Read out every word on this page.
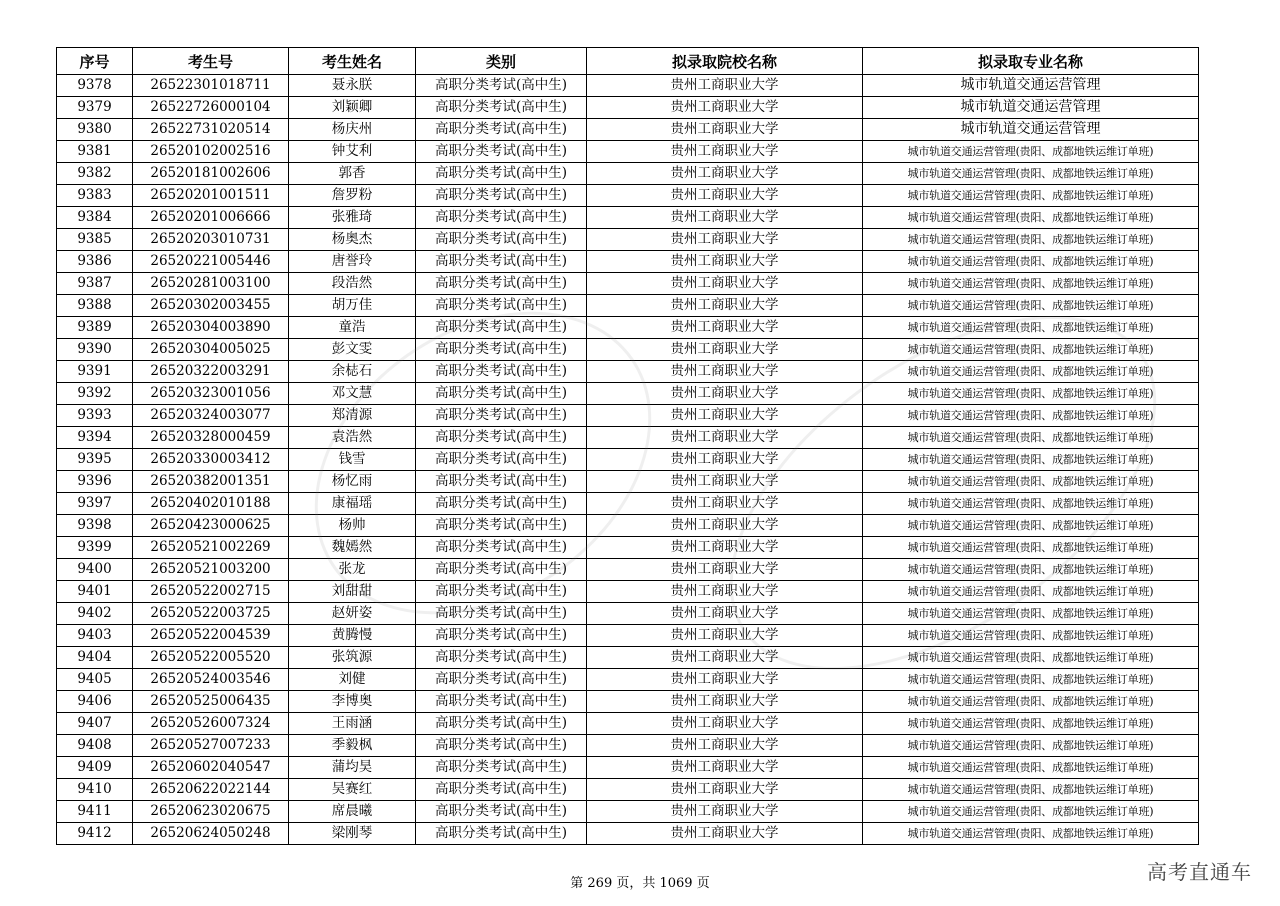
序号	考生号	考生姓名	类别	拟录取院校名称	拟录取专业名称
9378	26522301018711	聂永朕	高职分类考试(高中生)	贵州工商职业大学	城市轨道交通运营管理
9379	26522726000104	刘颖卿	高职分类考试(高中生)	贵州工商职业大学	城市轨道交通运营管理
9380	26522731020514	杨庆州	高职分类考试(高中生)	贵州工商职业大学	城市轨道交通运营管理
9381	26520102002516	钟艾利	高职分类考试(高中生)	贵州工商职业大学	城市轨道交通运营管理(贵阳、成都地铁运维订单班)
9382	26520181002606	郭香	高职分类考试(高中生)	贵州工商职业大学	城市轨道交通运营管理(贵阳、成都地铁运维订单班)
9383	26520201001511	詹罗粉	高职分类考试(高中生)	贵州工商职业大学	城市轨道交通运营管理(贵阳、成都地铁运维订单班)
9384	26520201006666	张雅琦	高职分类考试(高中生)	贵州工商职业大学	城市轨道交通运营管理(贵阳、成都地铁运维订单班)
9385	26520203010731	杨奥杰	高职分类考试(高中生)	贵州工商职业大学	城市轨道交通运营管理(贵阳、成都地铁运维订单班)
9386	26520221005446	唐誉玲	高职分类考试(高中生)	贵州工商职业大学	城市轨道交通运营管理(贵阳、成都地铁运维订单班)
9387	26520281003100	段浩然	高职分类考试(高中生)	贵州工商职业大学	城市轨道交通运营管理(贵阳、成都地铁运维订单班)
9388	26520302003455	胡万佳	高职分类考试(高中生)	贵州工商职业大学	城市轨道交通运营管理(贵阳、成都地铁运维订单班)
9389	26520304003890	童浩	高职分类考试(高中生)	贵州工商职业大学	城市轨道交通运营管理(贵阳、成都地铁运维订单班)
9390	26520304005025	彭文雯	高职分类考试(高中生)	贵州工商职业大学	城市轨道交通运营管理(贵阳、成都地铁运维订单班)
9391	26520322003291	余梽石	高职分类考试(高中生)	贵州工商职业大学	城市轨道交通运营管理(贵阳、成都地铁运维订单班)
9392	26520323001056	邓文慧	高职分类考试(高中生)	贵州工商职业大学	城市轨道交通运营管理(贵阳、成都地铁运维订单班)
9393	26520324003077	郑清源	高职分类考试(高中生)	贵州工商职业大学	城市轨道交通运营管理(贵阳、成都地铁运维订单班)
9394	26520328000459	袁浩然	高职分类考试(高中生)	贵州工商职业大学	城市轨道交通运营管理(贵阳、成都地铁运维订单班)
9395	26520330003412	钱雪	高职分类考试(高中生)	贵州工商职业大学	城市轨道交通运营管理(贵阳、成都地铁运维订单班)
9396	26520382001351	杨忆雨	高职分类考试(高中生)	贵州工商职业大学	城市轨道交通运营管理(贵阳、成都地铁运维订单班)
9397	26520402010188	康福瑶	高职分类考试(高中生)	贵州工商职业大学	城市轨道交通运营管理(贵阳、成都地铁运维订单班)
9398	26520423000625	杨帅	高职分类考试(高中生)	贵州工商职业大学	城市轨道交通运营管理(贵阳、成都地铁运维订单班)
9399	26520521002269	魏嫣然	高职分类考试(高中生)	贵州工商职业大学	城市轨道交通运营管理(贵阳、成都地铁运维订单班)
9400	26520521003200	张龙	高职分类考试(高中生)	贵州工商职业大学	城市轨道交通运营管理(贵阳、成都地铁运维订单班)
9401	26520522002715	刘甜甜	高职分类考试(高中生)	贵州工商职业大学	城市轨道交通运营管理(贵阳、成都地铁运维订单班)
9402	26520522003725	赵妍姿	高职分类考试(高中生)	贵州工商职业大学	城市轨道交通运营管理(贵阳、成都地铁运维订单班)
9403	26520522004539	黄腾慢	高职分类考试(高中生)	贵州工商职业大学	城市轨道交通运营管理(贵阳、成都地铁运维订单班)
9404	26520522005520	张筑源	高职分类考试(高中生)	贵州工商职业大学	城市轨道交通运营管理(贵阳、成都地铁运维订单班)
9405	26520524003546	刘健	高职分类考试(高中生)	贵州工商职业大学	城市轨道交通运营管理(贵阳、成都地铁运维订单班)
9406	26520525006435	李博奥	高职分类考试(高中生)	贵州工商职业大学	城市轨道交通运营管理(贵阳、成都地铁运维订单班)
9407	26520526007324	王雨涵	高职分类考试(高中生)	贵州工商职业大学	城市轨道交通运营管理(贵阳、成都地铁运维订单班)
9408	26520527007233	季毅枫	高职分类考试(高中生)	贵州工商职业大学	城市轨道交通运营管理(贵阳、成都地铁运维订单班)
9409	26520602040547	蒲均昊	高职分类考试(高中生)	贵州工商职业大学	城市轨道交通运营管理(贵阳、成都地铁运维订单班)
9410	26520622022144	吴赛红	高职分类考试(高中生)	贵州工商职业大学	城市轨道交通运营管理(贵阳、成都地铁运维订单班)
9411	26520623020675	席晨曦	高职分类考试(高中生)	贵州工商职业大学	城市轨道交通运营管理(贵阳、成都地铁运维订单班)
9412	26520624050248	梁刚琴	高职分类考试(高中生)	贵州工商职业大学	城市轨道交通运营管理(贵阳、成都地铁运维订单班)
第 269 页，共 1069 页	高考直通车
